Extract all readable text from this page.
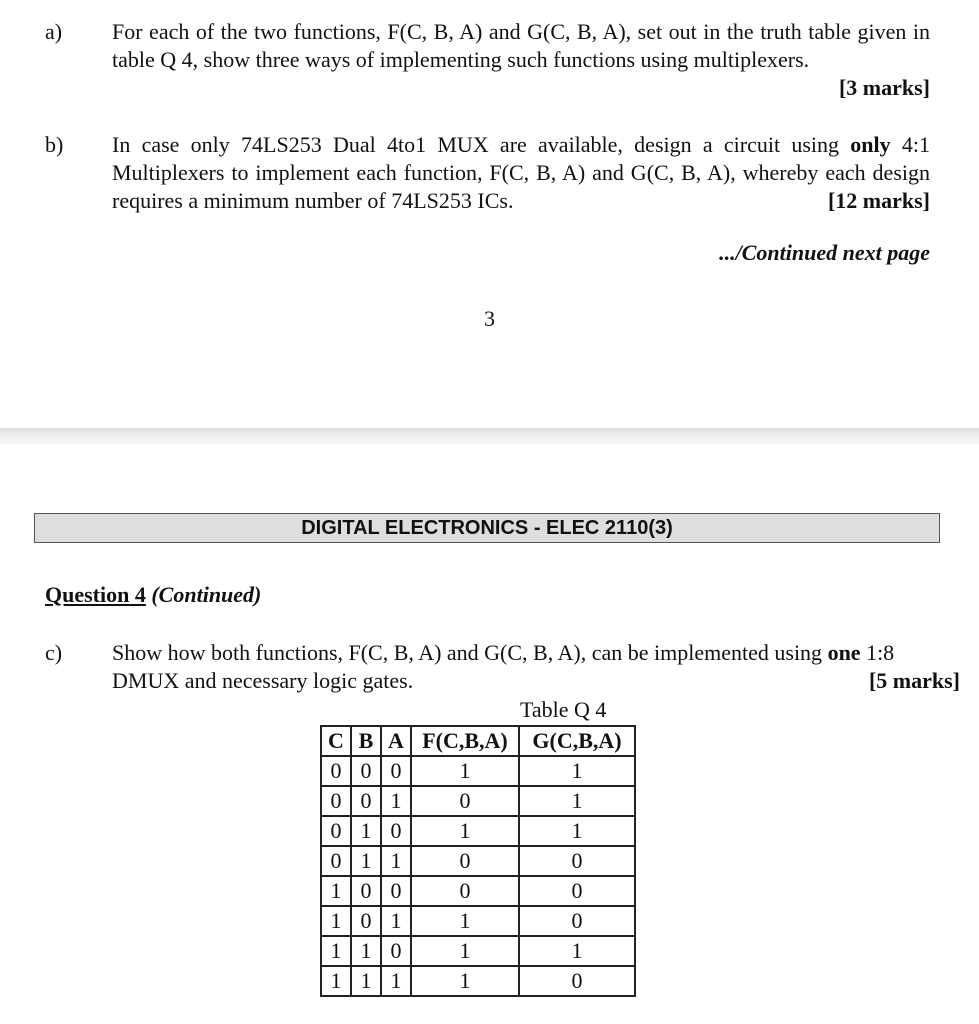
a) For each of the two functions, F(C, B, A) and G(C, B, A), set out in the truth table given in table Q 4, show three ways of implementing such functions using multiplexers.
[3 marks]
b) In case only 74LS253 Dual 4to1 MUX are available, design a circuit using only 4:1 Multiplexers to implement each function, F(C, B, A) and G(C, B, A), whereby each design requires a minimum number of 74LS253 ICs.	[12 marks]
.../Continued next page
3
DIGITAL ELECTRONICS - ELEC 2110(3)
Question 4 (Continued)
c) Show how both functions, F(C, B, A) and G(C, B, A), can be implemented using one 1:8 DMUX and necessary logic gates.	[5 marks]
Table Q 4
C	B	A	F(C,B,A)	G(C,B,A)
0	0	0	1	1
0	0	1	0	1
0	1	0	1	1
0	1	1	0	0
1	0	0	0	0
1	0	1	1	0
1	1	0	1	1
1	1	1	1	0
